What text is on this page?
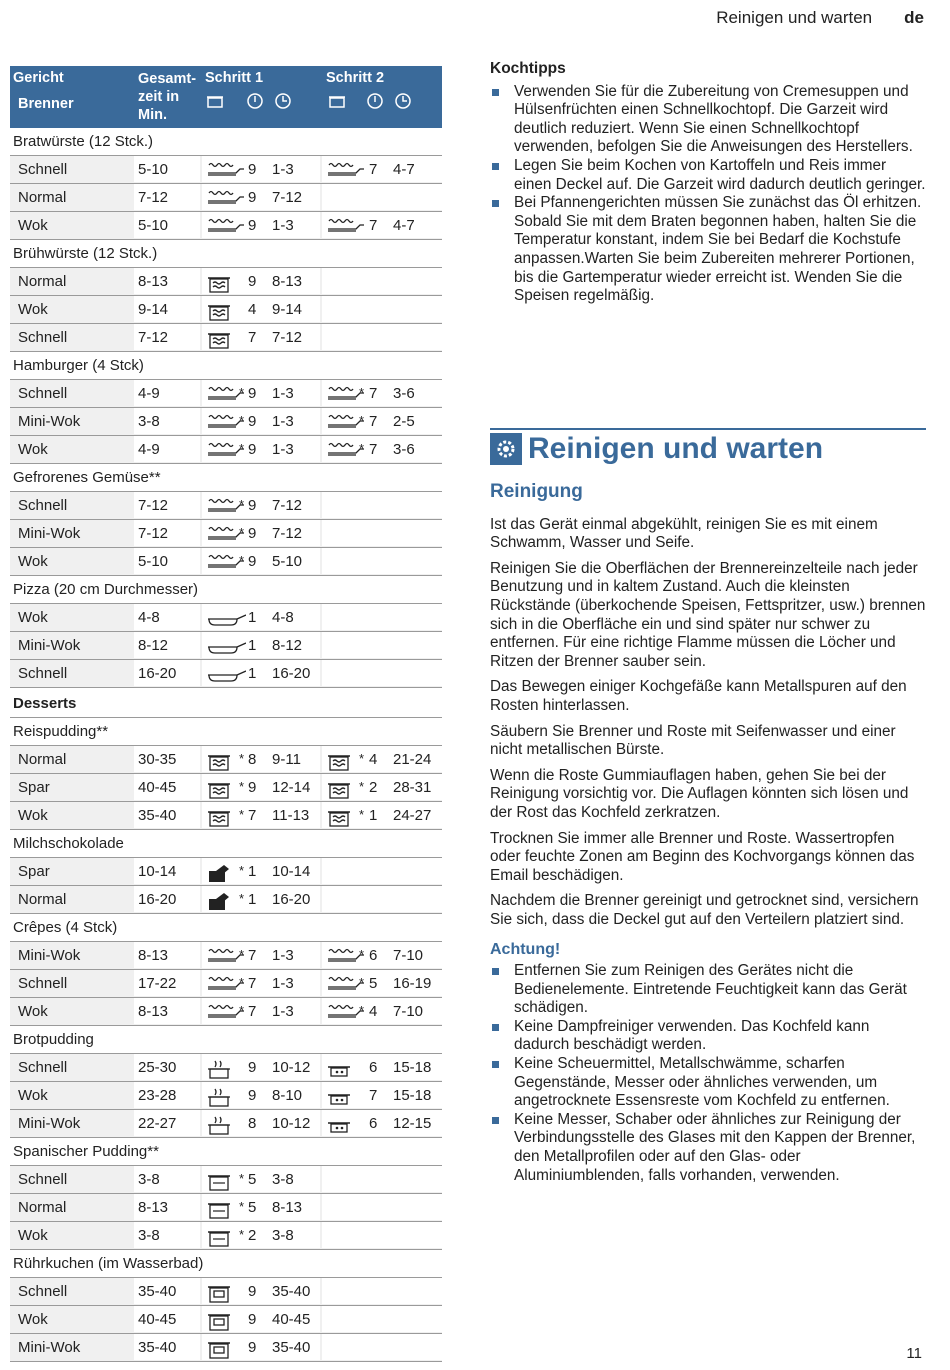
Reinigen und warten de
Gericht
Brenner
Gesamt-
zeit in
Min.
Schritt 1	Schritt 2
Bratwürste (12 Stck.)
Schnell	5-10	9 1-3	7 4-7
Normal	7-12	9 7-12
Wok	5-10	9 1-3	7 4-7
Brühwürste (12 Stck.)
Normal	8-13	9 8-13
Wok	9-14	4 9-14
Schnell	7-12	7 7-12
Hamburger (4 Stck)
Schnell	4-9	* 9 1-3	* 7 3-6
Mini-Wok	3-8	* 9 1-3	* 7 2-5
Wok	4-9	* 9 1-3	* 7 3-6
Gefrorenes Gemüse**
Schnell	7-12	* 9 7-12
Mini-Wok	7-12	* 9 7-12
Wok	5-10	* 9 5-10
Pizza (20 cm Durchmesser)
Wok	4-8	1 4-8
Mini-Wok	8-12	1 8-12
Schnell	16-20	1 16-20
Desserts
Reispudding**
Normal	30-35	* 8 9-11	* 4 21-24
Spar	40-45	* 9 12-14	* 2 28-31
Wok	35-40	* 7 11-13	* 1 24-27
Milchschokolade
Spar	10-14	* 1 10-14
Normal	16-20	* 1 16-20
Crêpes (4 Stck)
Mini-Wok	8-13	* 7 1-3	* 6 7-10
Schnell	17-22	* 7 1-3	* 5 16-19
Wok	8-13	* 7 1-3	* 4 7-10
Brotpudding
Schnell	25-30	9 10-12	6 15-18
Wok	23-28	9 8-10	7 15-18
Mini-Wok	22-27	8 10-12	6 12-15
Spanischer Pudding**
Schnell	3-8	* 5 3-8
Normal	8-13	* 5 8-13
Wok	3-8	* 2 3-8
Rührkuchen (im Wasserbad)
Schnell	35-40	9 35-40
Wok	40-45	9 40-45
Mini-Wok	35-40	9 35-40
Kochtipps
Verwenden Sie für die Zubereitung von Cremesuppen und Hülsenfrüchten einen Schnellkochtopf. Die Garzeit wird deutlich reduziert. Wenn Sie einen Schnellkochtopf verwenden, befolgen Sie die Anweisungen des Herstellers.
Legen Sie beim Kochen von Kartoffeln und Reis immer einen Deckel auf. Die Garzeit wird dadurch deutlich geringer.
Bei Pfannengerichten müssen Sie zunächst das Öl erhitzen. Sobald Sie mit dem Braten begonnen haben, halten Sie die Temperatur konstant, indem Sie bei Bedarf die Kochstufe anpassen.Warten Sie beim Zubereiten mehrerer Portionen, bis die Gartemperatur wieder erreicht ist. Wenden Sie die Speisen regelmäßig.
Reinigen und warten
Reinigung

Ist das Gerät einmal abgekühlt, reinigen Sie es mit einem Schwamm, Wasser und Seife.

Reinigen Sie die Oberflächen der Brennereinzelteile nach jeder Benutzung und in kaltem Zustand. Auch die kleinsten Rückstände (überkochende Speisen, Fettspritzer, usw.) brennen sich in die Oberfläche ein und sind später nur schwer zu entfernen. Für eine richtige Flamme müssen die Löcher und Ritzen der Brenner sauber sein.

Das Bewegen einiger Kochgefäße kann Metallspuren auf den Rosten hinterlassen.

Säubern Sie Brenner und Roste mit Seifenwasser und einer nicht metallischen Bürste.

Wenn die Roste Gummiauflagen haben, gehen Sie bei der Reinigung vorsichtig vor. Die Auflagen könnten sich lösen und der Rost das Kochfeld zerkratzen.

Trocknen Sie immer alle Brenner und Roste. Wassertropfen oder feuchte Zonen am Beginn des Kochvorgangs können das Email beschädigen.

Nachdem die Brenner gereinigt und getrocknet sind, versichern Sie sich, dass die Deckel gut auf den Verteilern platziert sind.

Achtung!
Entfernen Sie zum Reinigen des Gerätes nicht die Bedienelemente. Eintretende Feuchtigkeit kann das Gerät schädigen.
Keine Dampfreiniger verwenden. Das Kochfeld kann dadurch beschädigt werden.
Keine Scheuermittel, Metallschwämme, scharfen Gegenstände, Messer oder ähnliches verwenden, um angetrocknete Essensreste vom Kochfeld zu entfernen.
Keine Messer, Schaber oder ähnliches zur Reinigung der Verbindungsstelle des Glases mit den Kappen der Brenner, den Metallprofilen oder auf den Glas- oder Aluminiumblenden, falls vorhanden, verwenden.
11
